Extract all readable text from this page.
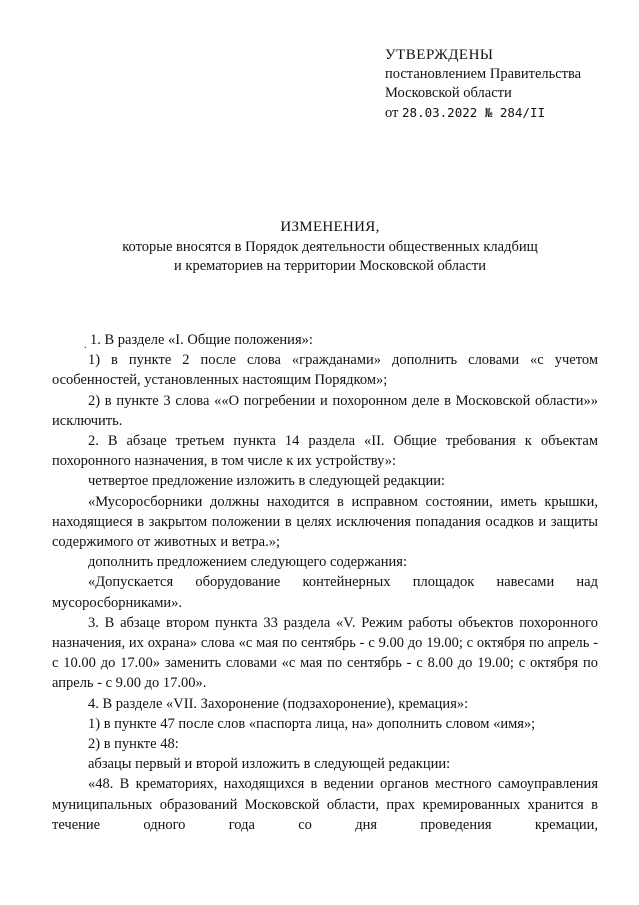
УТВЕРЖДЕНЫ
постановлением Правительства
Московской области
от 28.03.2022 № 284/II
ИЗМЕНЕНИЯ,
которые вносятся в Порядок деятельности общественных кладбищ
и крематориев на территории Московской области
. 1. В разделе «I. Общие положения»:

1) в пункте 2 после слова «гражданами» дополнить словами «с учетом особенностей, установленных настоящим Порядком»;

2) в пункте 3 слова ««О погребении и похоронном деле в Московской области»» исключить.

2. В абзаце третьем пункта 14 раздела «II. Общие требования к объектам похоронного назначения, в том числе к их устройству»:

четвертое предложение изложить в следующей редакции:

«Мусоросборники должны находится в исправном состоянии, иметь крышки, находящиеся в закрытом положении в целях исключения попадания осадков и защиты содержимого от животных и ветра.»;

дополнить предложением следующего содержания:

«Допускается оборудование контейнерных площадок навесами над мусоросборниками».

3. В абзаце втором пункта 33 раздела «V. Режим работы объектов похоронного назначения, их охрана» слова «с мая по сентябрь - с 9.00 до 19.00; с октября по апрель - с 10.00 до 17.00» заменить словами «с мая по сентябрь - с 8.00 до 19.00; с октября по апрель - с 9.00 до 17.00».

4. В разделе «VII. Захоронение (подзахоронение), кремация»:

1) в пункте 47 после слов «паспорта лица, на» дополнить словом «имя»;

2) в пункте 48:

абзацы первый и второй изложить в следующей редакции:

«48. В крематориях, находящихся в ведении органов местного самоуправления муниципальных образований Московской области, прах кремированных хранится в течение одного года со дня проведения кремации,
